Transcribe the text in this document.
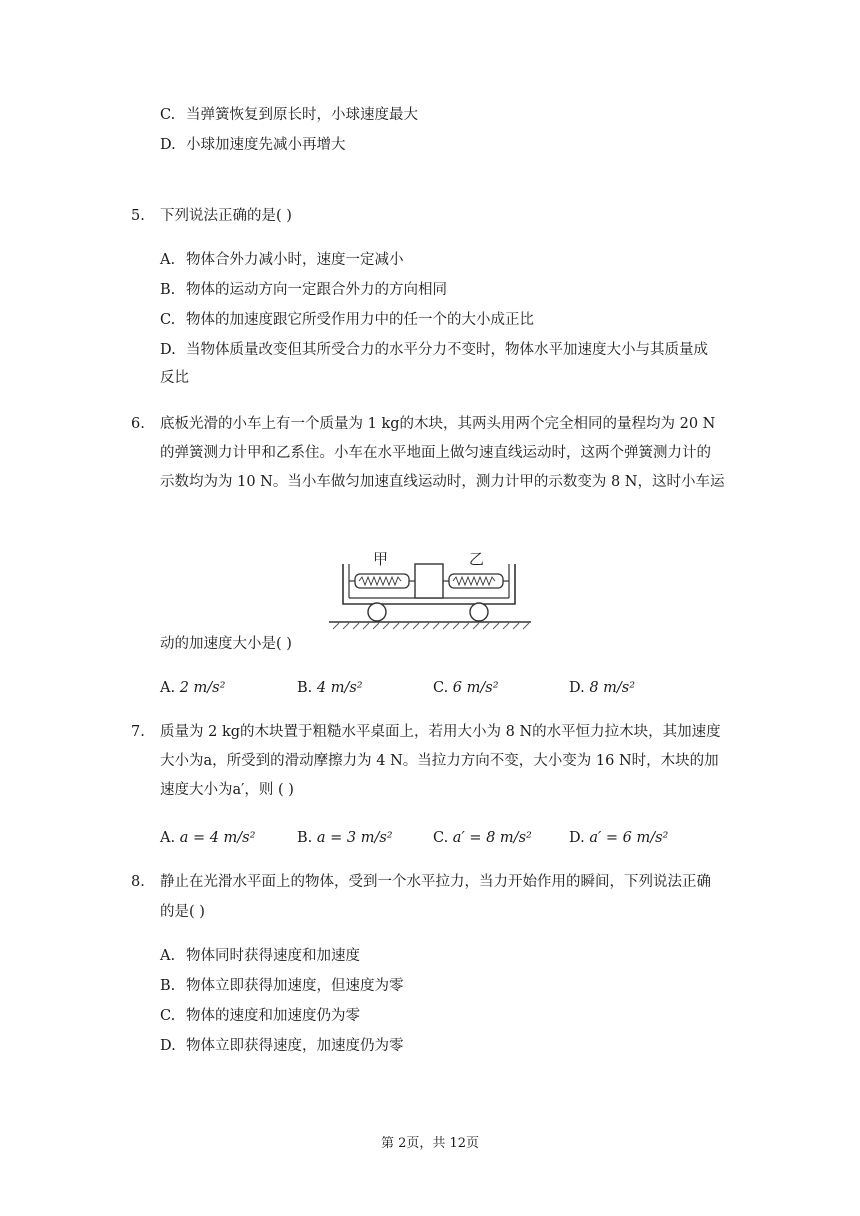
C. 当弹簧恢复到原长时，小球速度最大
D. 小球加速度先减小再增大
5. 下列说法正确的是( )
A. 物体合外力减小时，速度一定减小
B. 物体的运动方向一定跟合外力的方向相同
C. 物体的加速度跟它所受作用力中的任一个的大小成正比
D. 当物体质量改变但其所受合力的水平分力不变时，物体水平加速度大小与其质量成
反比
6. 底板光滑的小车上有一个质量为 1 kg的木块，其两头用两个完全相同的量程均为 20 N
的弹簧测力计甲和乙系住。小车在水平地面上做匀速直线运动时，这两个弹簧测力计的
示数均为为 10 N。当小车做匀加速直线运动时，测力计甲的示数变为 8 N，这时小车运
甲	乙
动的加速度大小是( )
A. 2 m/s²	B. 4 m/s²	C. 6 m/s²	D. 8 m/s²
7. 质量为 2 kg的木块置于粗糙水平桌面上，若用大小为 8 N的水平恒力拉木块，其加速度
大小为a，所受到的滑动摩擦力为 4 N。当拉力方向不变，大小变为 16 N时，木块的加
速度大小为a′，则 ( )
A. a = 4 m/s²	B. a = 3 m/s²	C. a′ = 8 m/s²	D. a′ = 6 m/s²
8. 静止在光滑水平面上的物体，受到一个水平拉力，当力开始作用的瞬间，下列说法正确
的是( )
A. 物体同时获得速度和加速度
B. 物体立即获得加速度，但速度为零
C. 物体的速度和加速度仍为零
D. 物体立即获得速度，加速度仍为零
第 2页，共 12页
